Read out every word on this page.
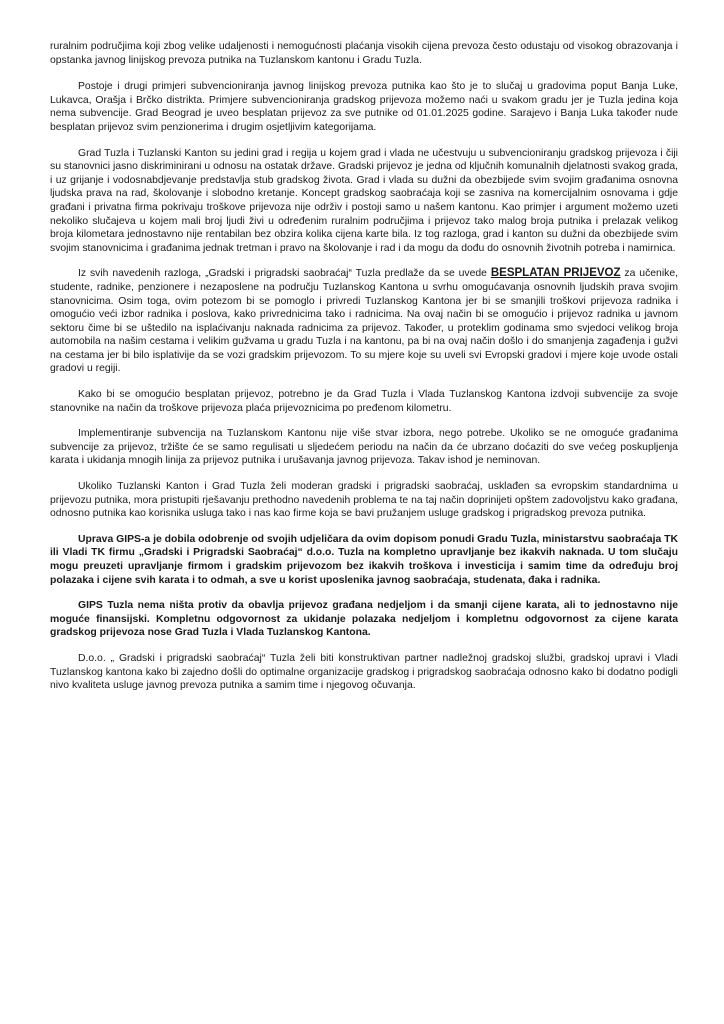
ruralnim područjima koji zbog velike udaljenosti i nemogućnosti plaćanja visokih cijena prevoza često odustaju od visokog obrazovanja i opstanka javnog linijskog prevoza putnika na Tuzlanskom kantonu i Gradu Tuzla.

Postoje i drugi primjeri subvencioniranja javnog linijskog prevoza putnika kao što je to slučaj u gradovima poput Banja Luke, Lukavca, Orašja i Brčko distrikta. Primjere subvencioniranja gradskog prijevoza možemo naći u svakom gradu jer je Tuzla jedina koja nema subvencije. Grad Beograd je uveo besplatan prijevoz za sve putnike od 01.01.2025 godine. Sarajevo i Banja Luka također nude besplatan prijevoz svim penzionerima i drugim osjetljivim kategorijama.

Grad Tuzla i Tuzlanski Kanton su jedini grad i regija u kojem grad i vlada ne učestvuju u subvencioniranju gradskog prijevoza i čiji su stanovnici jasno diskriminirani u odnosu na ostatak države. Gradski prijevoz je jedna od ključnih komunalnih djelatnosti svakog grada, i uz grijanje i vodosnabdjevanje predstavlja stub gradskog života. Grad i vlada su dužni da obezbijede svim svojim građanima osnovna ljudska prava na rad, školovanje i slobodno kretanje. Koncept gradskog saobraćaja koji se zasniva na komercijalnim osnovama i gdje građani i privatna firma pokrivaju troškove prijevoza nije održiv i postoji samo u našem kantonu. Kao primjer i argument možemo uzeti nekoliko slučajeva u kojem mali broj ljudi živi u određenim ruralnim područjima i prijevoz tako malog broja putnika i prelazak velikog broja kilometara jednostavno nije rentabilan bez obzira kolika cijena karte bila. Iz tog razloga, grad i kanton su dužni da obezbijede svim svojim stanovnicima i građanima jednak tretman i pravo na školovanje i rad i da mogu da dođu do osnovnih životnih potreba i namirnica.

Iz svih navedenih razloga, „Gradski i prigradski saobraćaj“ Tuzla predlaže da se uvede BESPLATAN PRIJEVOZ za učenike, studente, radnike, penzionere i nezaposlene na području Tuzlanskog Kantona u svrhu omogućavanja osnovnih ljudskih prava svojim stanovnicima. Osim toga, ovim potezom bi se pomoglo i privredi Tuzlanskog Kantona jer bi se smanjili troškovi prijevoza radnika i omogućio veći izbor radnika i poslova, kako privrednicima tako i radnicima. Na ovaj način bi se omogućio i prijevoz radnika u javnom sektoru čime bi se uštedilo na isplaćivanju naknada radnicima za prijevoz. Također, u proteklim godinama smo svjedoci velikog broja automobila na našim cestama i velikim gužvama u gradu Tuzla i na kantonu, pa bi na ovaj način došlo i do smanjenja zagađenja i gužvi na cestama jer bi bilo isplativije da se vozi gradskim prijevozom. To su mjere koje su uveli svi Evropski gradovi i mjere koje uvode ostali gradovi u regiji.

Kako bi se omogućio besplatan prijevoz, potrebno je da Grad Tuzla i Vlada Tuzlanskog Kantona izdvoji subvencije za svoje stanovnike na način da troškove prijevoza plaća prijevoznicima po pređenom kilometru.

Implementiranje subvencija na Tuzlanskom Kantonu nije više stvar izbora, nego potrebe. Ukoliko se ne omoguće građanima subvencije za prijevoz, tržište će se samo regulisati u sljedećem periodu na način da će ubrzano doćaziti do sve većeg poskupljenja karata i ukidanja mnogih linija za prijevoz putnika i urušavanja javnog prijevoza. Takav ishod je neminovan.

Ukoliko Tuzlanski Kanton i Grad Tuzla želi moderan gradski i prigradski saobraćaj, usklađen sa evropskim standardnima u prijevozu putnika, mora pristupiti rješavanju prethodno navedenih problema te na taj način doprinijeti opštem zadovoljstvu kako građana, odnosno putnika kao korisnika usluga tako i nas kao firme koja se bavi pružanjem usluge gradskog i prigradskog prevoza putnika.

Uprava GIPS-a je dobila odobrenje od svojih udjeličara da ovim dopisom ponudi Gradu Tuzla, ministarstvu saobraćaja TK ili Vladi TK firmu „Gradski i Prigradski Saobraćaj“ d.o.o. Tuzla na kompletno upravljanje bez ikakvih naknada. U tom slučaju mogu preuzeti upravljanje firmom i gradskim prijevozom bez ikakvih troškova i investicija i samim time da određuju broj polazaka i cijene svih karata i to odmah, a sve u korist uposlenika javnog saobraćaja, studenata, đaka i radnika.

GIPS Tuzla nema ništa protiv da obavlja prijevoz građana nedjeljom i da smanji cijene karata, ali to jednostavno nije moguće finansijski. Kompletnu odgovornost za ukidanje polazaka nedjeljom i kompletnu odgovornost za cijene karata gradskog prijevoza nose Grad Tuzla i Vlada Tuzlanskog Kantona.

D.o.o. „ Gradski i prigradski saobraćaj“ Tuzla želi biti konstruktivan partner nadležnoj gradskoj službi, gradskoj upravi i Vladi Tuzlanskog kantona kako bi zajedno došli do optimalne organizacije gradskog i prigradskog saobraćaja odnosno kako bi dodatno podigli nivo kvaliteta usluge javnog prevoza putnika a samim time i njegovog očuvanja.
